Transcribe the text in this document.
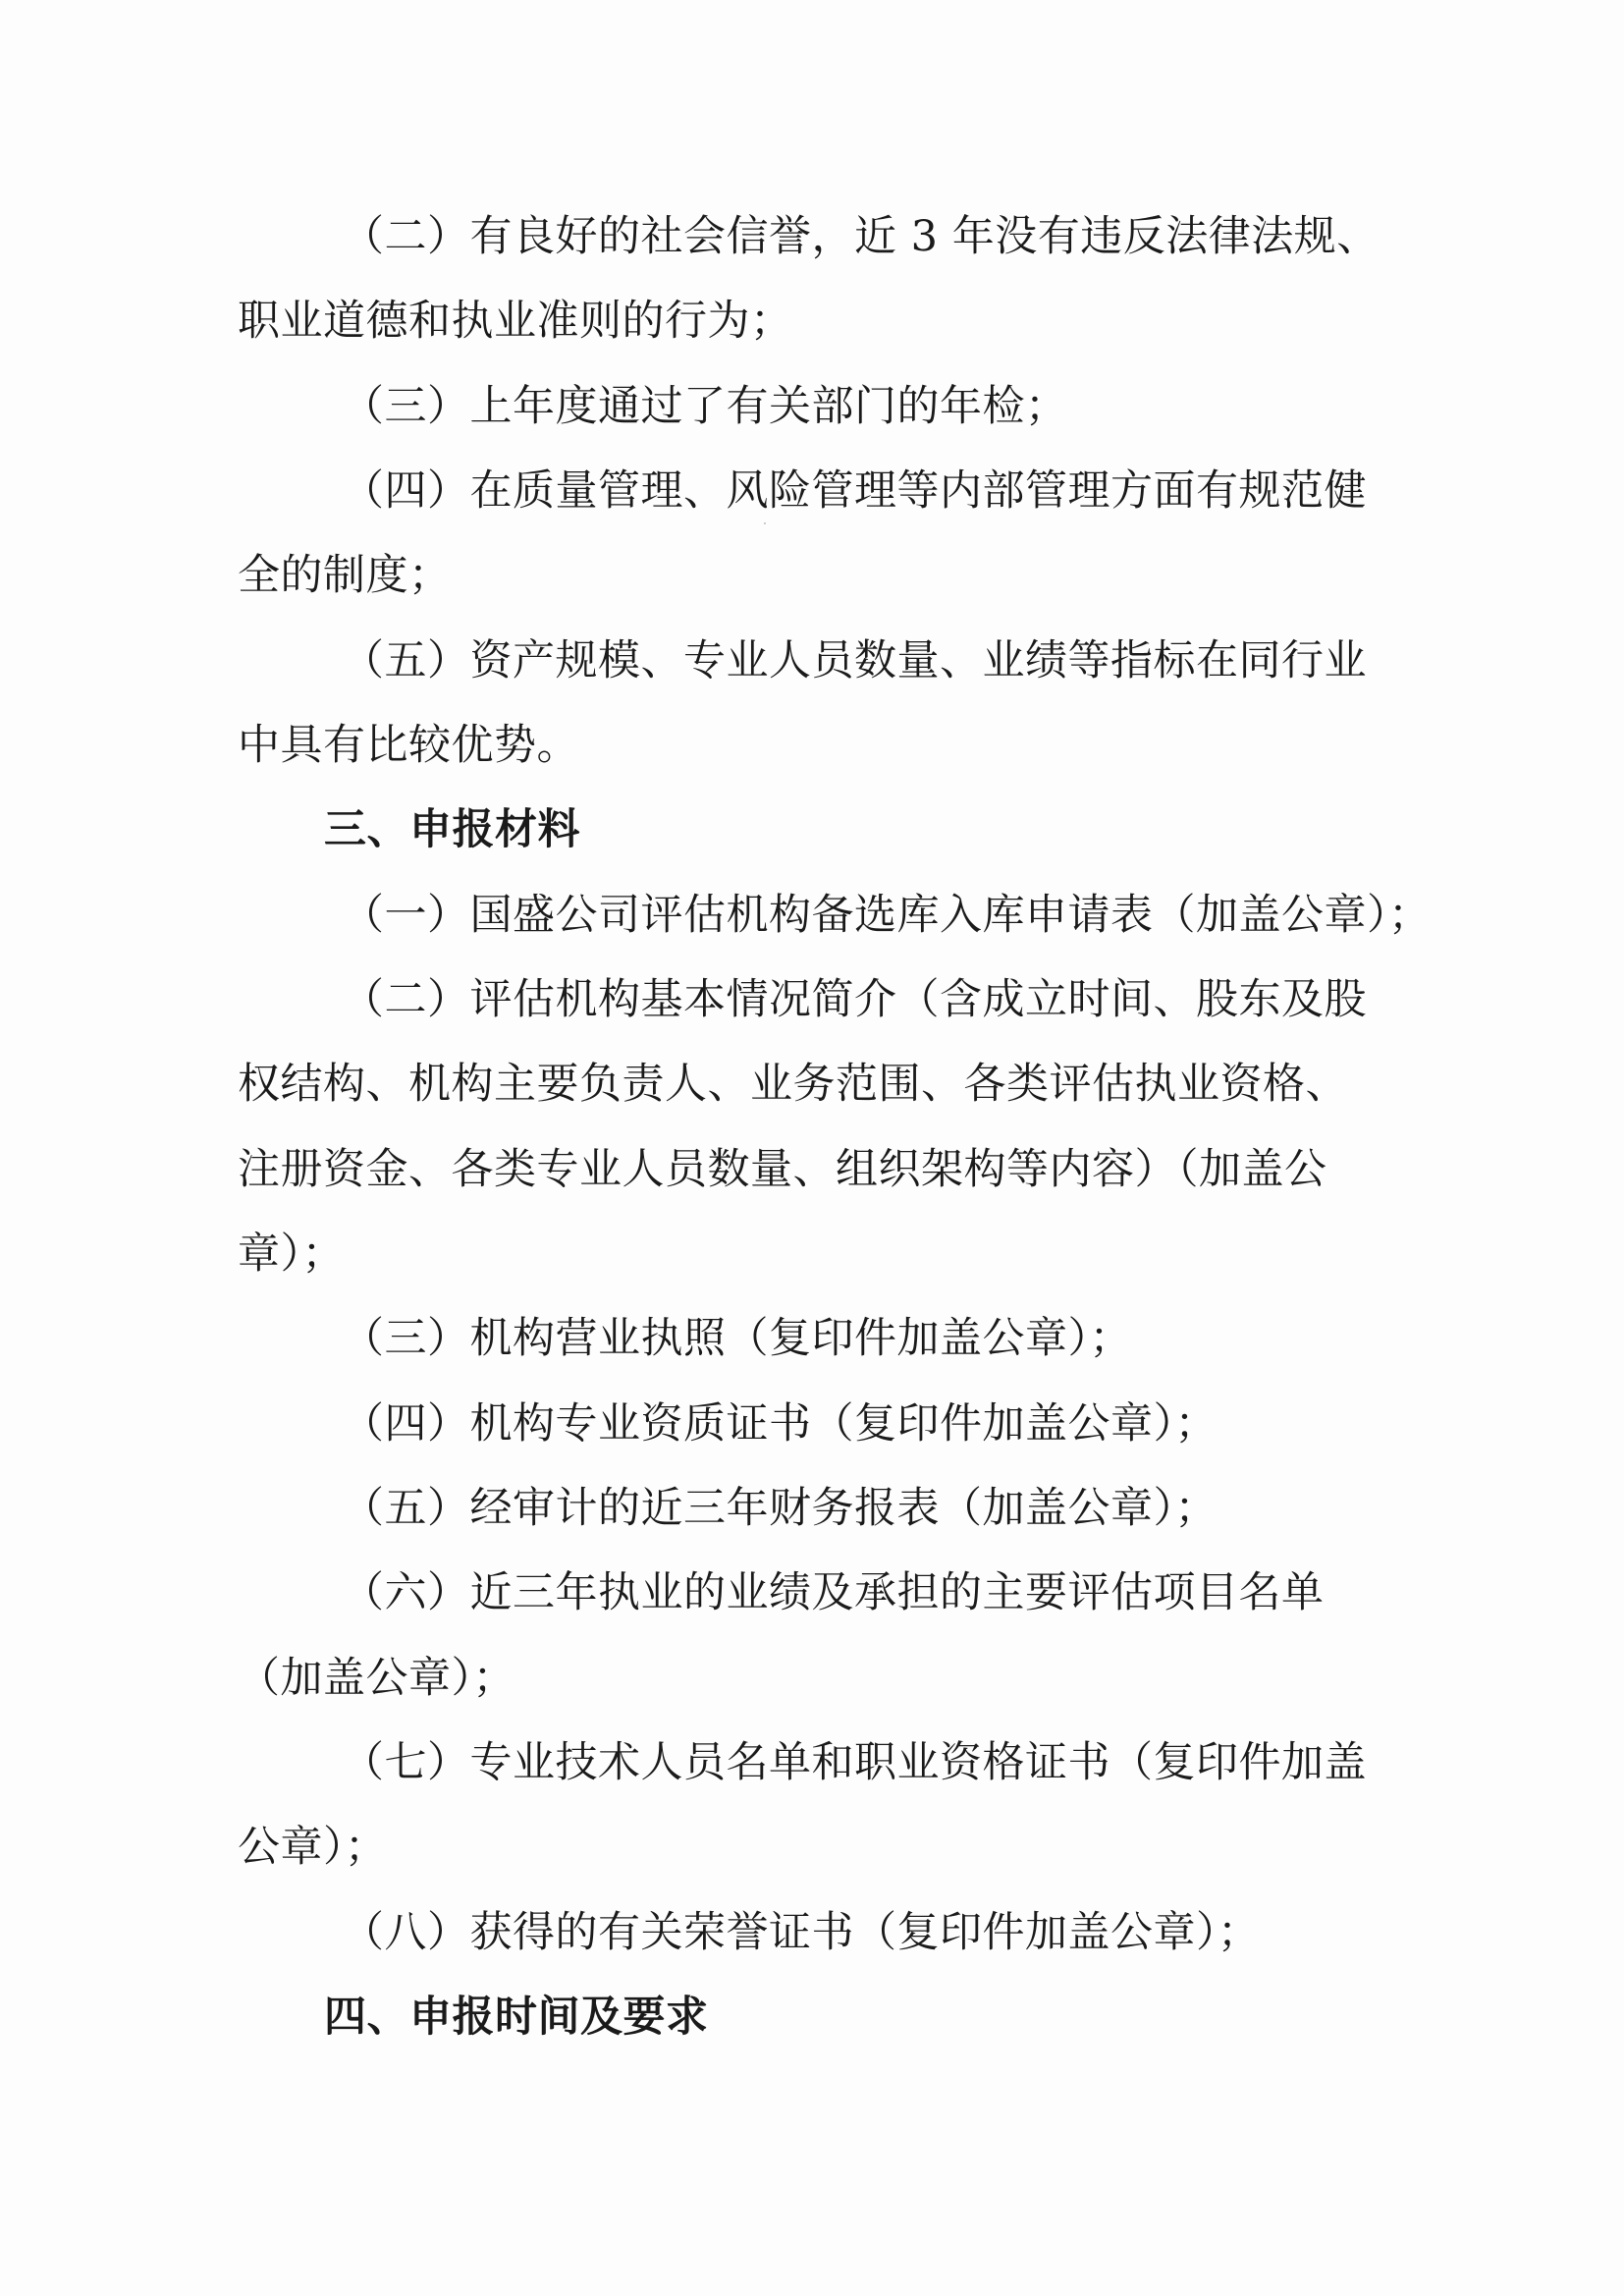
（二）有良好的社会信誉，近 3 年没有违反法律法规、
职业道德和执业准则的行为；
（三）上年度通过了有关部门的年检；
（四）在质量管理、风险管理等内部管理方面有规范健
全的制度；
（五）资产规模、专业人员数量、业绩等指标在同行业
中具有比较优势。
三、申报材料
（一）国盛公司评估机构备选库入库申请表（加盖公章）；
（二）评估机构基本情况简介（含成立时间、股东及股
权结构、机构主要负责人、业务范围、各类评估执业资格、
注册资金、各类专业人员数量、组织架构等内容）（加盖公
章）；
（三）机构营业执照（复印件加盖公章）；
（四）机构专业资质证书（复印件加盖公章）；
（五）经审计的近三年财务报表（加盖公章）；
（六）近三年执业的业绩及承担的主要评估项目名单
（加盖公章）；
（七）专业技术人员名单和职业资格证书（复印件加盖
公章）；
（八）获得的有关荣誉证书（复印件加盖公章）；
四、申报时间及要求
